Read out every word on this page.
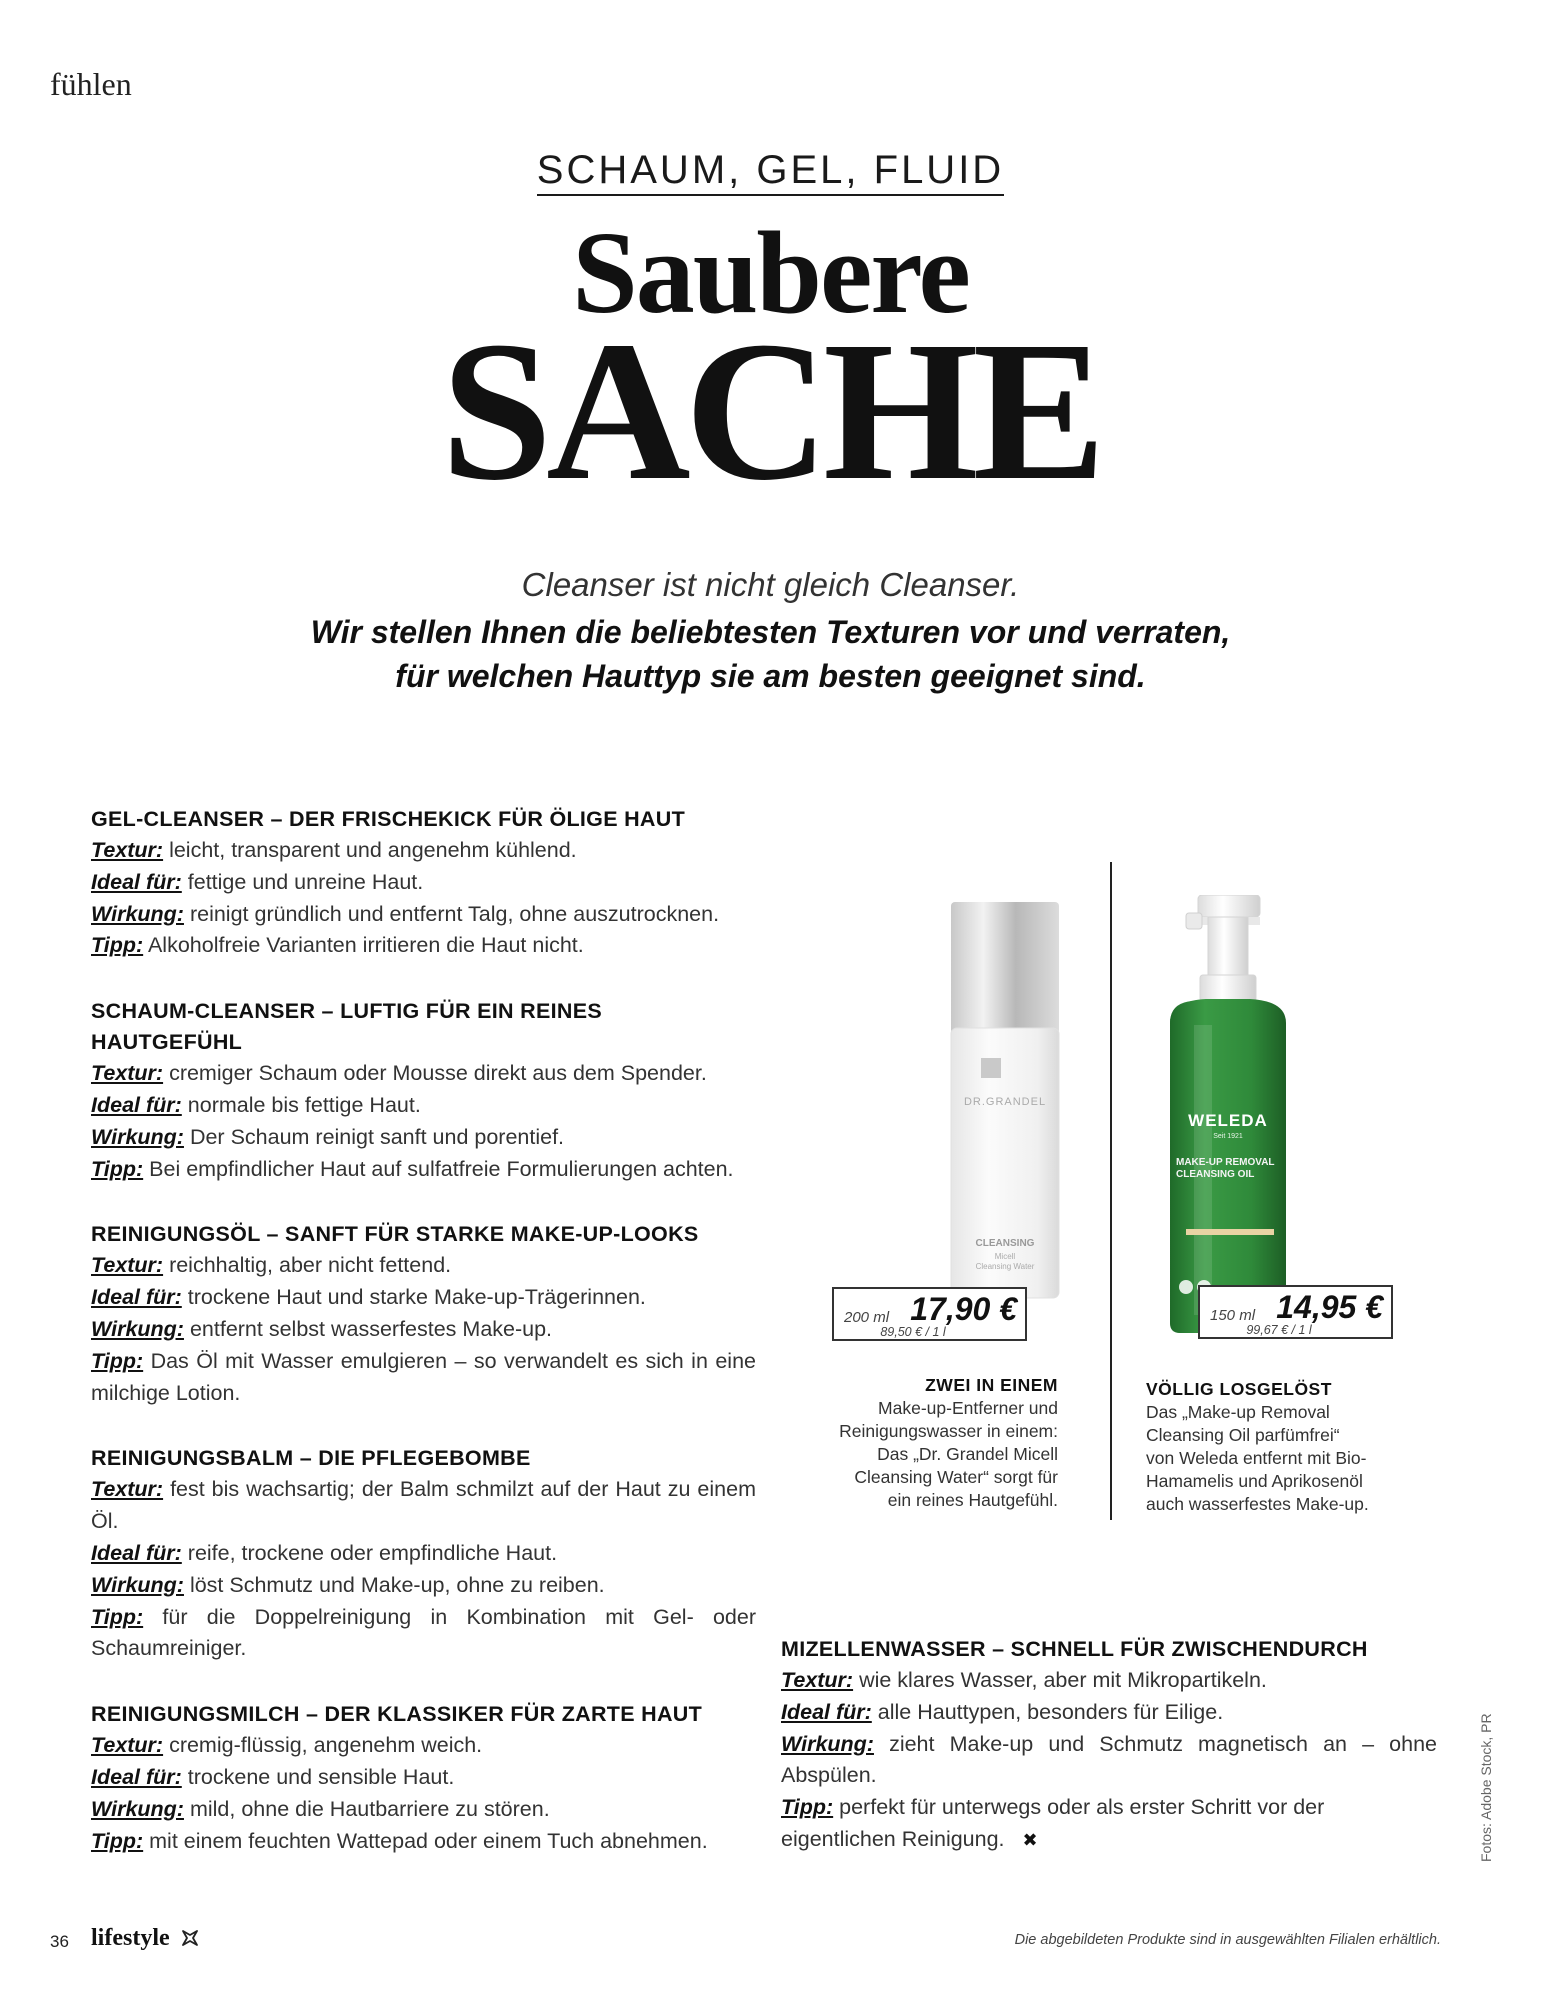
fühlen
SCHAUM, GEL, FLUID
Saubere
SACHE
Cleanser ist nicht gleich Cleanser.
Wir stellen Ihnen die beliebtesten Texturen vor und verraten,
für welchen Hauttyp sie am besten geeignet sind.
GEL-CLEANSER – DER FRISCHEKICK FÜR ÖLIGE HAUT

Textur: leicht, transparent und angenehm kühlend.

Ideal für: fettige und unreine Haut.

Wirkung: reinigt gründlich und entfernt Talg, ohne auszutrocknen.

Tipp: Alkoholfreie Varianten irritieren die Haut nicht.

SCHAUM-CLEANSER – LUFTIG FÜR EIN REINES HAUTGEFÜHL

Textur: cremiger Schaum oder Mousse direkt aus dem Spender.

Ideal für: normale bis fettige Haut.

Wirkung: Der Schaum reinigt sanft und porentief.

Tipp: Bei empfindlicher Haut auf sulfatfreie Formulierungen achten.

REINIGUNGSÖL – SANFT FÜR STARKE MAKE-UP-LOOKS

Textur: reichhaltig, aber nicht fettend.

Ideal für: trockene Haut und starke Make-up-Trägerinnen.

Wirkung: entfernt selbst wasserfestes Make-up.

Tipp: Das Öl mit Wasser emulgieren – so verwandelt es sich in eine milchige Lotion.

REINIGUNGSBALM – DIE PFLEGEBOMBE

Textur: fest bis wachsartig; der Balm schmilzt auf der Haut zu einem Öl.

Ideal für: reife, trockene oder empfindliche Haut.

Wirkung: löst Schmutz und Make-up, ohne zu reiben.

Tipp: für die Doppelreinigung in Kombination mit Gel- oder Schaumreiniger.

REINIGUNGSMILCH – DER KLASSIKER FÜR ZARTE HAUT

Textur: cremig-flüssig, angenehm weich.

Ideal für: trockene und sensible Haut.

Wirkung: mild, ohne die Hautbarriere zu stören.

Tipp: mit einem feuchten Wattepad oder einem Tuch abnehmen.

DR.GRANDEL
CLEANSING
Micell
Cleansing Water
200 ml 17,90 €
89,50 € / 1 l
ZWEI IN EINEM
Make-up-Entferner und
Reinigungswasser in einem:
Das „Dr. Grandel Micell
Cleansing Water“ sorgt für
ein reines Hautgefühl.
WELEDA
Seit 1921
MAKE-UP REMOVAL
CLEANSING OIL
150 ml 14,95 €
99,67 € / 1 l
VÖLLIG LOSGELÖST
Das „Make-up Removal
Cleansing Oil parfümfrei“
von Weleda entfernt mit Bio-
Hamamelis und Aprikosenöl
auch wasserfestes Make-up.
MIZELLENWASSER – SCHNELL FÜR ZWISCHENDURCH

Textur: wie klares Wasser, aber mit Mikropartikeln.

Ideal für: alle Hauttypen, besonders für Eilige.

Wirkung: zieht Make-up und Schmutz magnetisch an – ohne Abspülen.

Tipp: perfekt für unterwegs oder als erster Schritt vor der eigentlichen Reinigung. ✖	Fotos: Adobe Stock, PR
36 lifestyle	Die abgebildeten Produkte sind in ausgewählten Filialen erhältlich.
